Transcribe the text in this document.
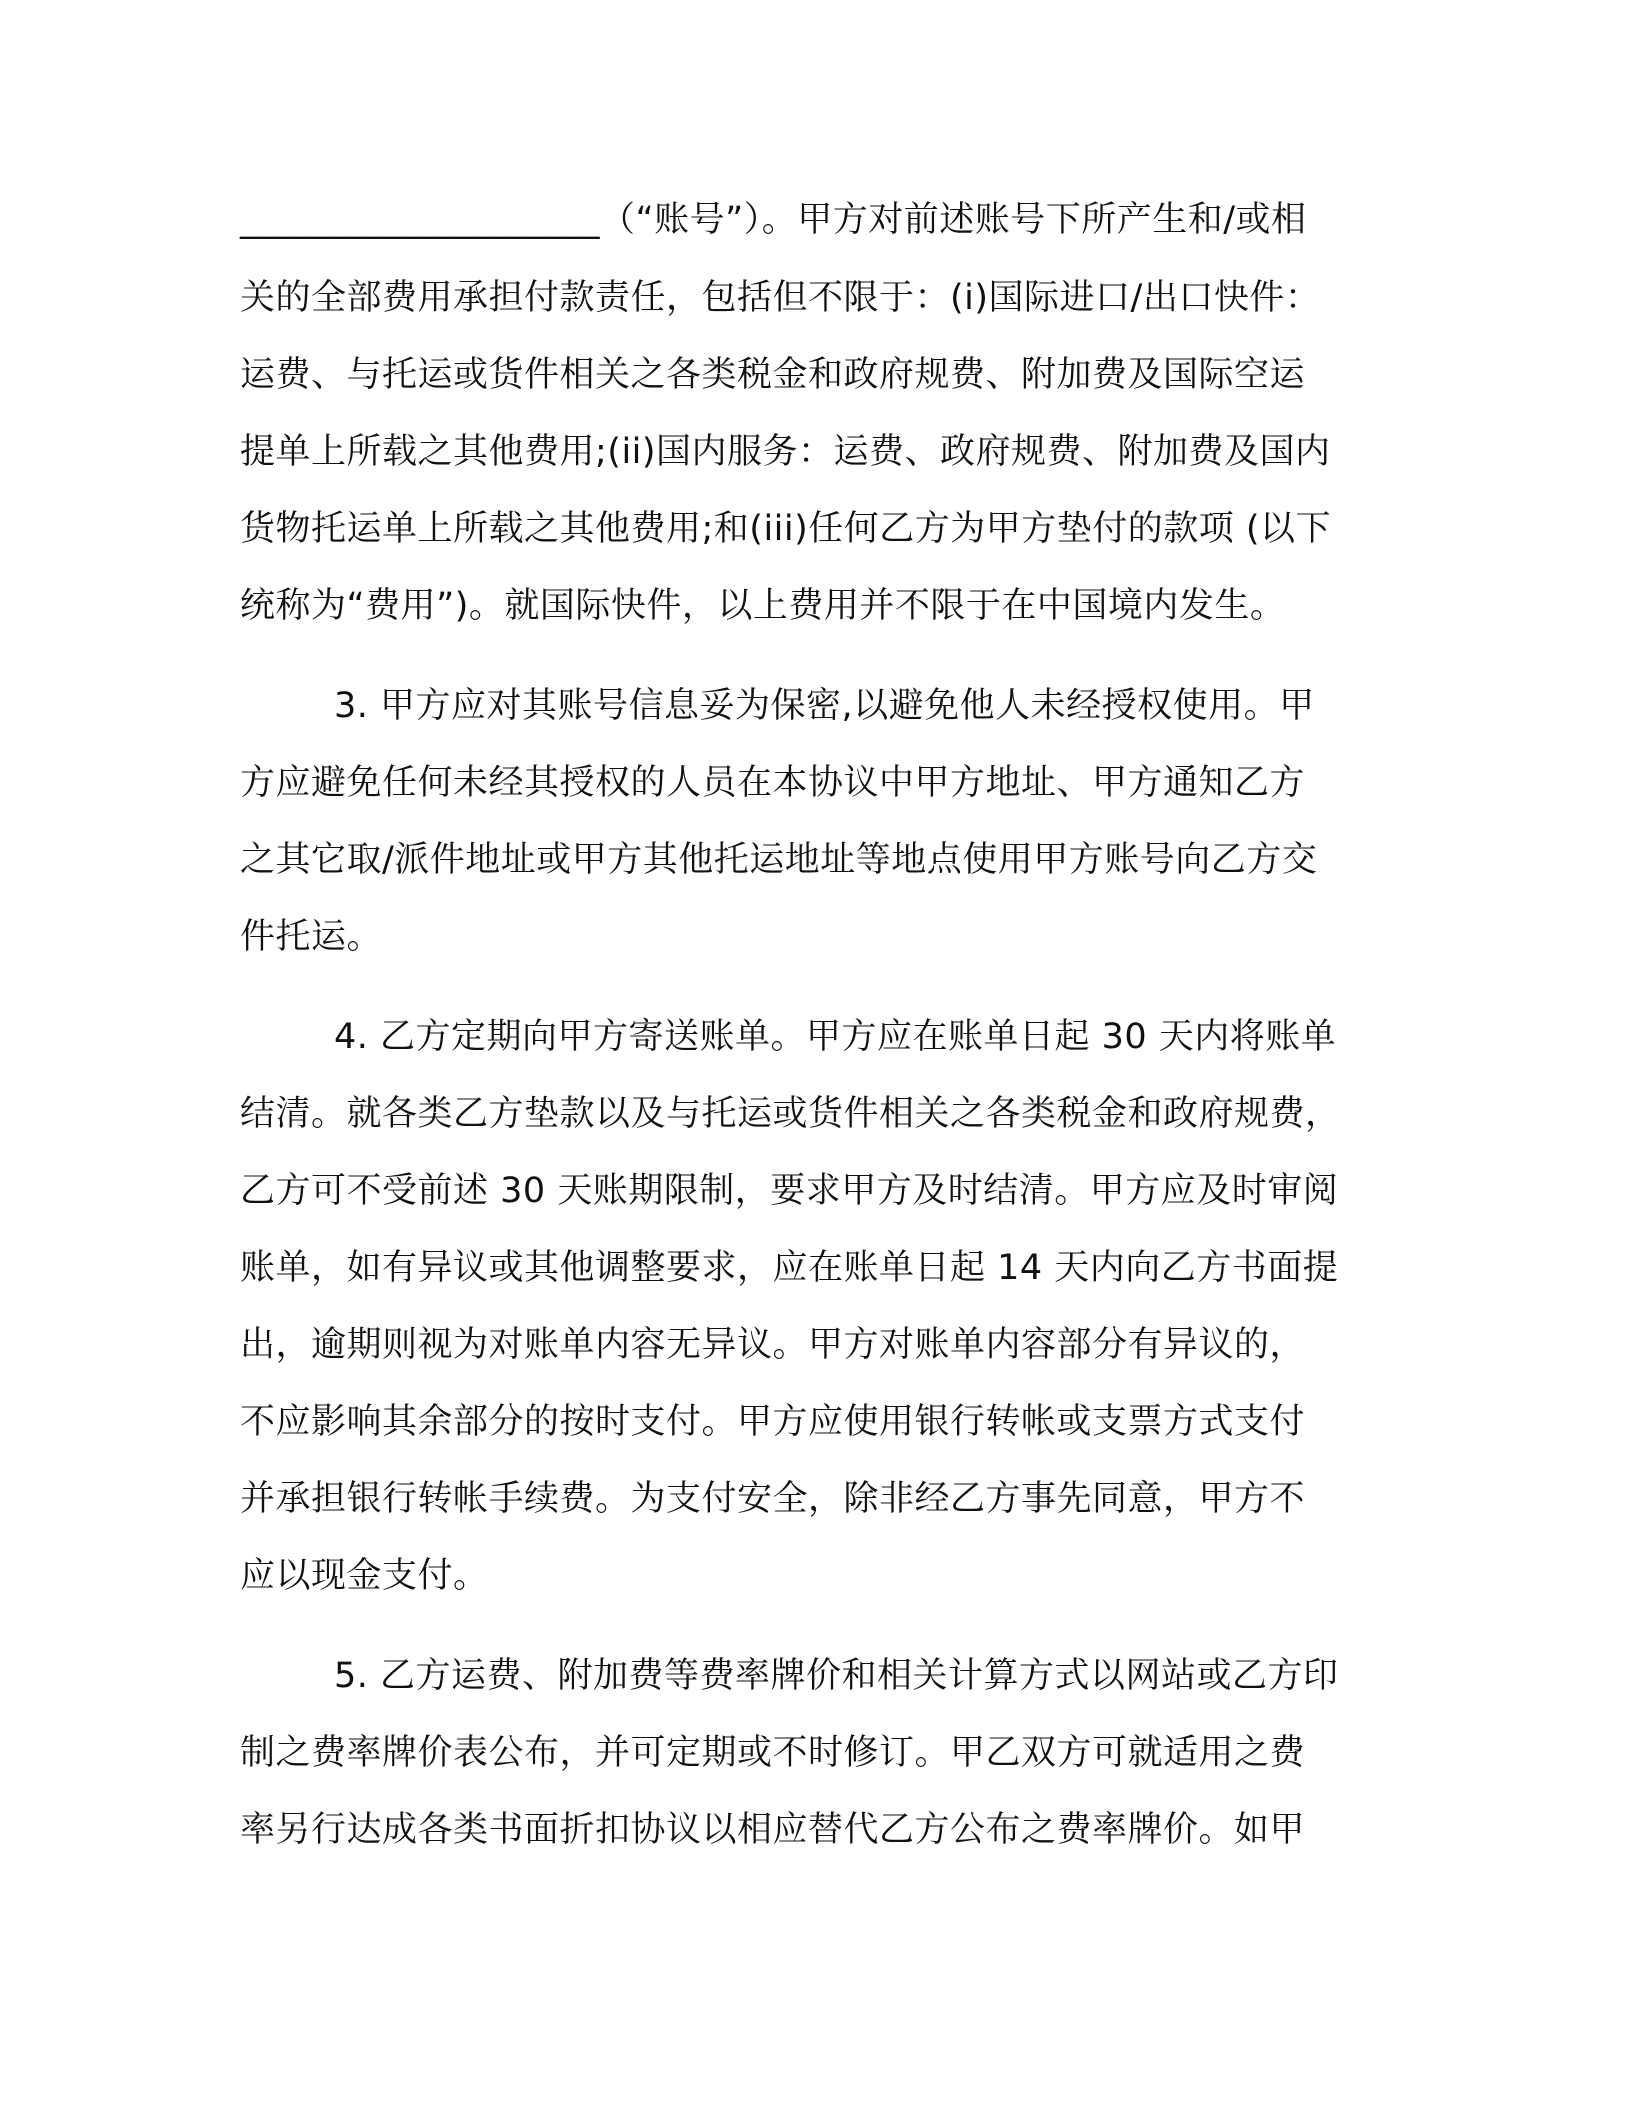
____________________（“账号”）。甲方对前述账号下所产生和/或相
关的全部费用承担付款责任，包括但不限于：(i)国际进口/出口快件：
运费、与托运或货件相关之各类税金和政府规费、附加费及国际空运
提单上所载之其他费用;(ii)国内服务：运费、政府规费、附加费及国内
货物托运单上所载之其他费用;和(iii)任何乙方为甲方垫付的款项 (以下
统称为“费用”)。就国际快件，以上费用并不限于在中国境内发生。
3. 甲方应对其账号信息妥为保密,以避免他人未经授权使用。甲
方应避免任何未经其授权的人员在本协议中甲方地址、甲方通知乙方
之其它取/派件地址或甲方其他托运地址等地点使用甲方账号向乙方交
件托运。
4. 乙方定期向甲方寄送账单。甲方应在账单日起 30 天内将账单
结清。就各类乙方垫款以及与托运或货件相关之各类税金和政府规费，
乙方可不受前述 30 天账期限制，要求甲方及时结清。甲方应及时审阅
账单，如有异议或其他调整要求，应在账单日起 14 天内向乙方书面提
出，逾期则视为对账单内容无异议。甲方对账单内容部分有异议的，
不应影响其余部分的按时支付。甲方应使用银行转帐或支票方式支付
并承担银行转帐手续费。为支付安全，除非经乙方事先同意，甲方不
应以现金支付。
5. 乙方运费、附加费等费率牌价和相关计算方式以网站或乙方印
制之费率牌价表公布，并可定期或不时修订。甲乙双方可就适用之费
率另行达成各类书面折扣协议以相应替代乙方公布之费率牌价。如甲
